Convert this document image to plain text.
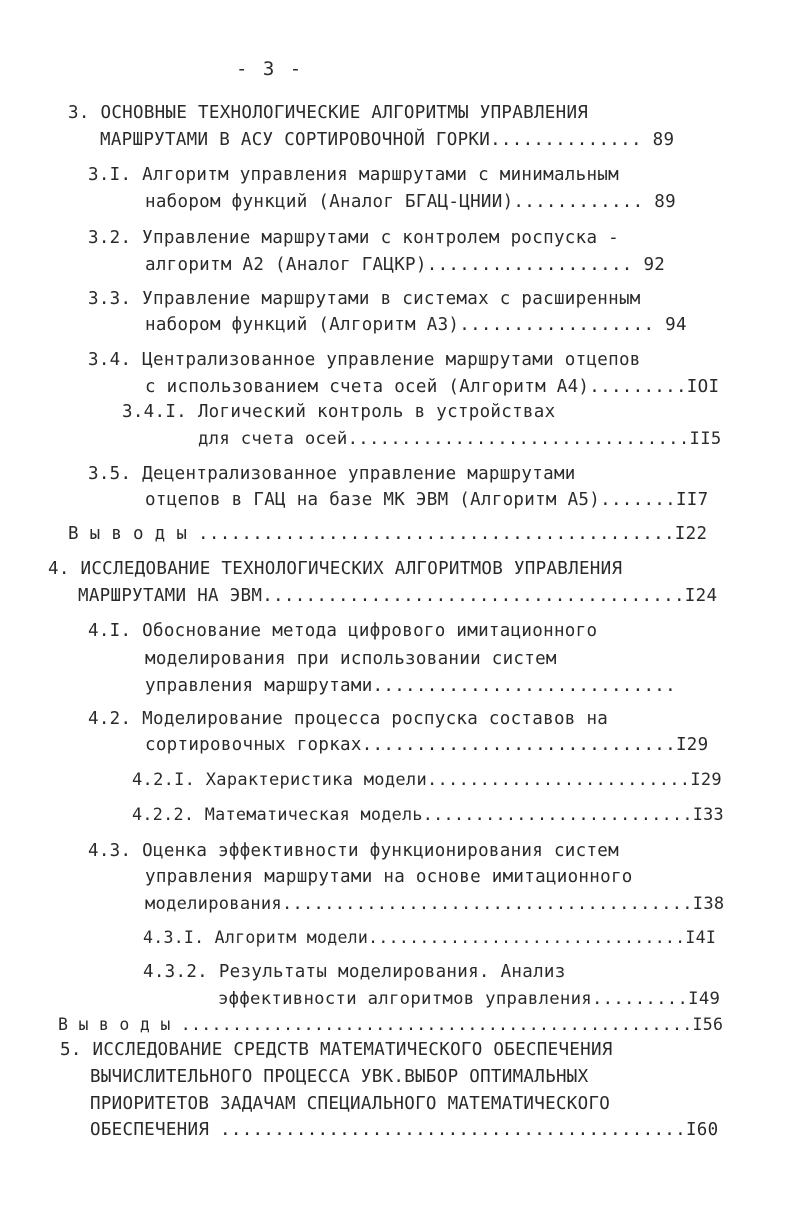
- 3 -
3. ОСНОВНЫЕ ТЕХНОЛОГИЧЕСКИЕ АЛГОРИТМЫ УПРАВЛЕНИЯ
МАРШРУТАМИ В АСУ СОРТИРОВОЧНОЙ ГОРКИ.............. 89
3.I. Алгоритм управления маршрутами с минимальным
набором функций (Аналог БГАЦ-ЦНИИ)............ 89
3.2. Управление маршрутами с контролем роспуска -
алгоритм А2 (Аналог ГАЦКР)................... 92
3.3. Управление маршрутами в системах с расширенным
набором функций (Алгоритм А3).................. 94
3.4. Централизованное управление маршрутами отцепов
с использованием счета осей (Алгоритм А4).........IOI
3.4.I. Логический контроль в устройствах
для счета осей................................II5
3.5. Децентрализованное управление маршрутами
отцепов в ГАЦ на базе МК ЭВМ (Алгоритм А5).......II7
В ы в о д ы ............................................I22
4. ИССЛЕДОВАНИЕ ТЕХНОЛОГИЧЕСКИХ АЛГОРИТМОВ УПРАВЛЕНИЯ
МАРШРУТАМИ НА ЭВМ.......................................I24
4.I. Обоснование метода цифрового имитационного
моделирования при использовании систем
управления маршрутами............................
4.2. Моделирование процесса роспуска составов на
сортировочных горках.............................I29
4.2.I. Характеристика модели.........................I29
4.2.2. Математическая модель..........................I33
4.3. Оценка эффективности функционирования систем
управления маршрутами на основе имитационного
моделирования.......................................I38
4.3.I. Алгоритм модели...............................I4I
4.3.2. Результаты моделирования. Анализ
эффективности алгоритмов управления.........I49
В ы в о д ы ..................................................I56
5. ИССЛЕДОВАНИЕ СРЕДСТВ МАТЕМАТИЧЕСКОГО ОБЕСПЕЧЕНИЯ
ВЫЧИСЛИТЕЛЬНОГО ПРОЦЕССА УВК.ВЫБОР ОПТИМАЛЬНЫХ
ПРИОРИТЕТОВ ЗАДАЧАМ СПЕЦИАЛЬНОГО МАТЕМАТИЧЕСКОГО
ОБЕСПЕЧЕНИЯ ...........................................I60
